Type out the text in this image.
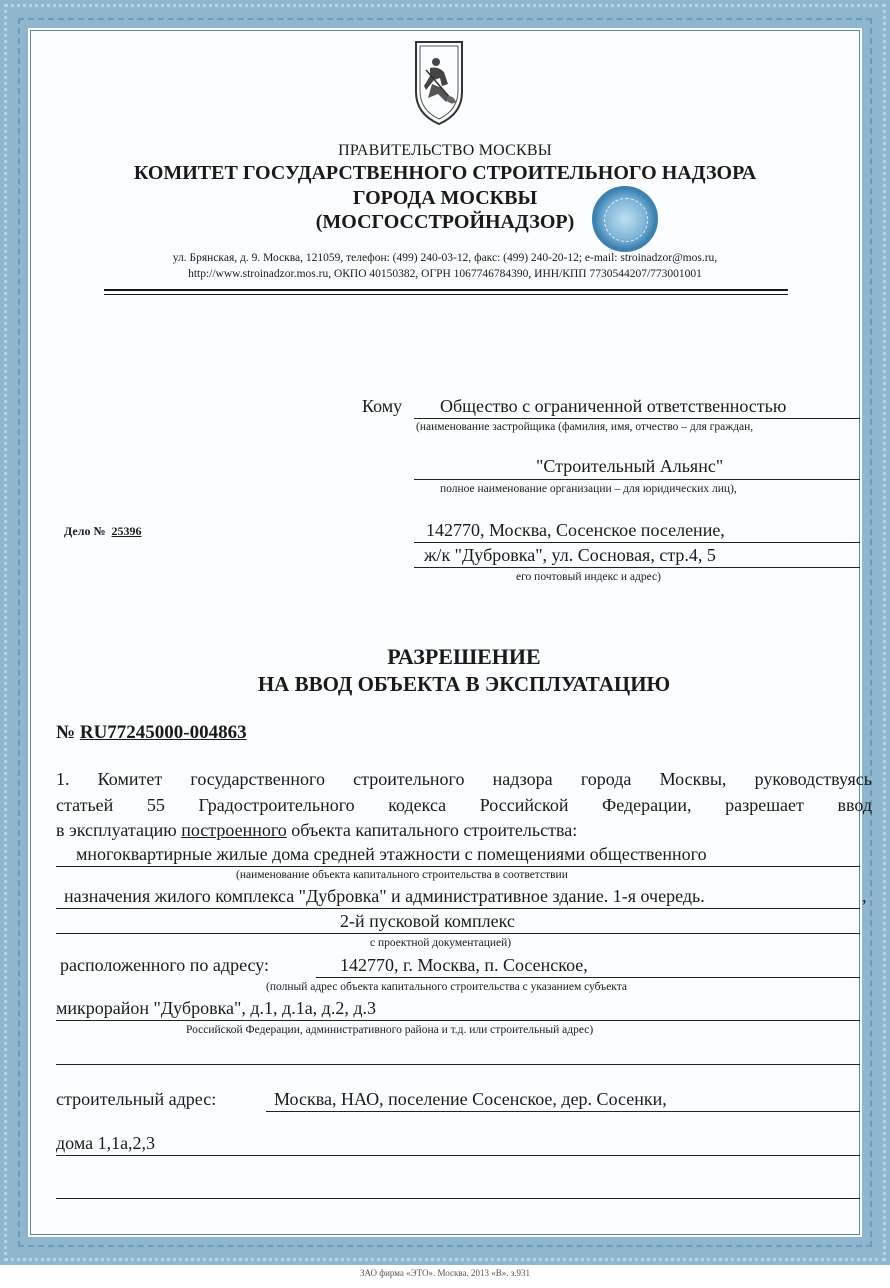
ПРАВИТЕЛЬСТВО МОСКВЫ
КОМИТЕТ ГОСУДАРСТВЕННОГО СТРОИТЕЛЬНОГО НАДЗОРА
ГОРОДА МОСКВЫ
(МОСГОССТРОЙНАДЗОР)
ул. Брянская, д. 9. Москва, 121059, телефон: (499) 240-03-12, факс: (499) 240-20-12; e-mail: stroinadzor@mos.ru,
http://www.stroinadzor.mos.ru, ОКПО 40150382, ОГРН 1067746784390, ИНН/КПП 7730544207/773001001
Кому Общество с ограниченной ответственностью
(наименование застройщика (фамилия, имя, отчество – для граждан,
"Строительный Альянс"
полное наименование организации – для юридических лиц),
Дело № 25396	142770, Москва, Сосенское поселение,
ж/к "Дубровка", ул. Сосновая, стр.4, 5
его почтовый индекс и адрес)
РАЗРЕШЕНИЕ
НА ВВОД ОБЪЕКТА В ЭКСПЛУАТАЦИЮ
№ RU77245000-004863
1. Комитет государственного строительного надзора города Москвы, руководствуясь
статьей 55 Градостроительного кодекса Российской Федерации, разрешает ввод
в эксплуатацию построенного объекта капитального строительства:
многоквартирные жилые дома средней этажности с помещениями общественного
(наименование объекта капитального строительства в соответствии
назначения жилого комплекса "Дубровка" и административное здание. 1-я очередь.	,
2-й пусковой комплекс
с проектной документацией)
расположенного по адресу:	142770, г. Москва, п. Сосенское,
(полный адрес объекта капитального строительства с указанием субъекта
микрорайон "Дубровка", д.1, д.1а, д.2, д.3
Российской Федерации, административного района и т.д. или строительный адрес)
строительный адрес:	Москва, НАО, поселение Сосенское, дер. Сосенки,
дома 1,1а,2,3
ЗАО фирма «ЭТО». Москва. 2013 «В». з.931
